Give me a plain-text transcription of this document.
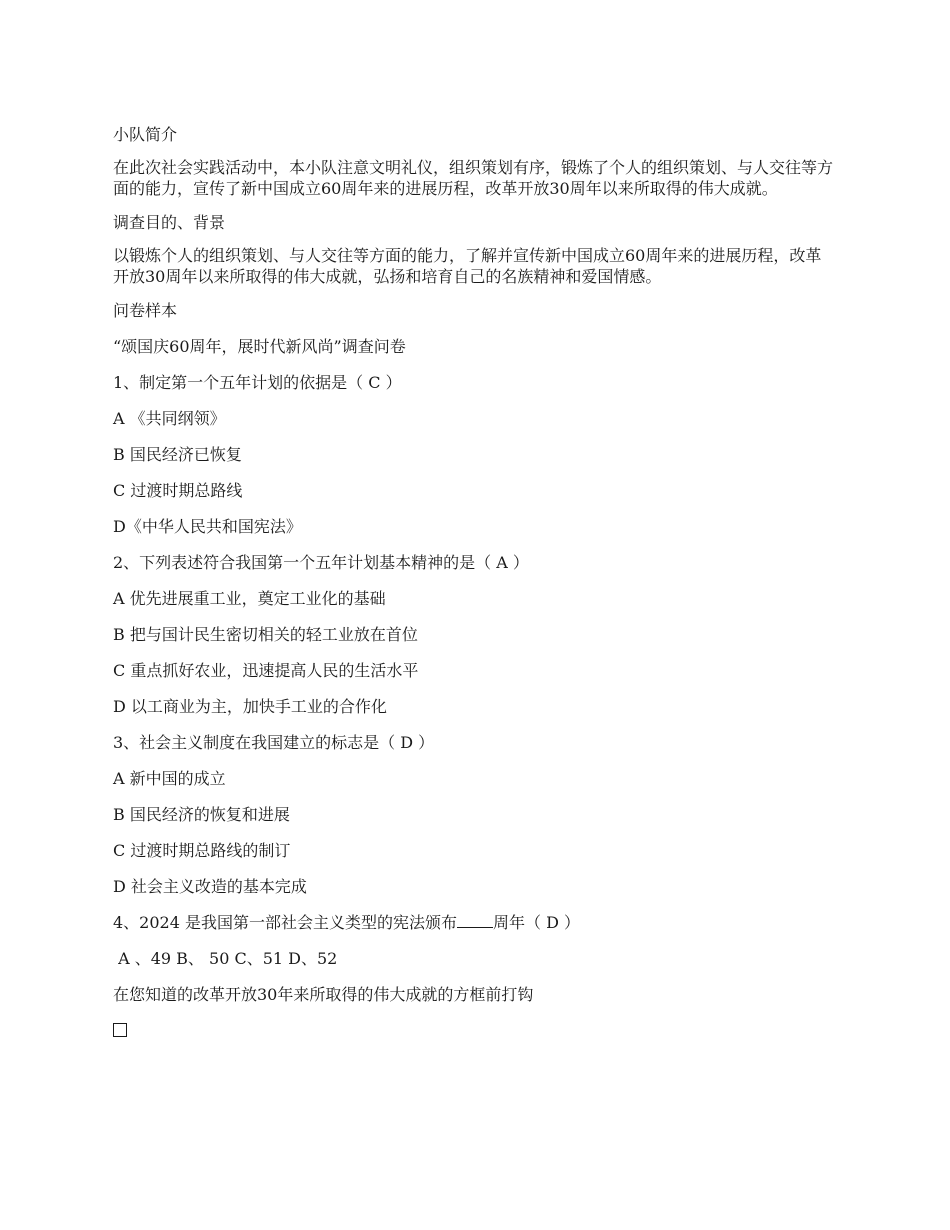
小队简介
在此次社会实践活动中，本小队注意文明礼仪，组织策划有序，锻炼了个人的组织策划、与人交往等方面的能力，宣传了新中国成立60周年来的进展历程，改革开放30周年以来所取得的伟大成就。
调查目的、背景
以锻炼个人的组织策划、与人交往等方面的能力，了解并宣传新中国成立60周年来的进展历程，改革开放30周年以来所取得的伟大成就，弘扬和培育自己的名族精神和爱国情感。
问卷样本
“颂国庆60周年，展时代新风尚”调查问卷
1、制定第一个五年计划的依据是（ C ）
A 《共同纲领》
B 国民经济已恢复
C 过渡时期总路线
D《中华人民共和国宪法》
2、下列表述符合我国第一个五年计划基本精神的是（ A ）
A 优先进展重工业，奠定工业化的基础
B 把与国计民生密切相关的轻工业放在首位
C 重点抓好农业，迅速提高人民的生活水平
D 以工商业为主，加快手工业的合作化
3、社会主义制度在我国建立的标志是（ D ）
A 新中国的成立
B 国民经济的恢复和进展
C 过渡时期总路线的制订
D 社会主义改造的基本完成
4、2024 是我国第一部社会主义类型的宪法颁布 周年（ D ）
A 、49 B、 50 C、51 D、52
在您知道的改革开放30年来所取得的伟大成就的方框前打钩
